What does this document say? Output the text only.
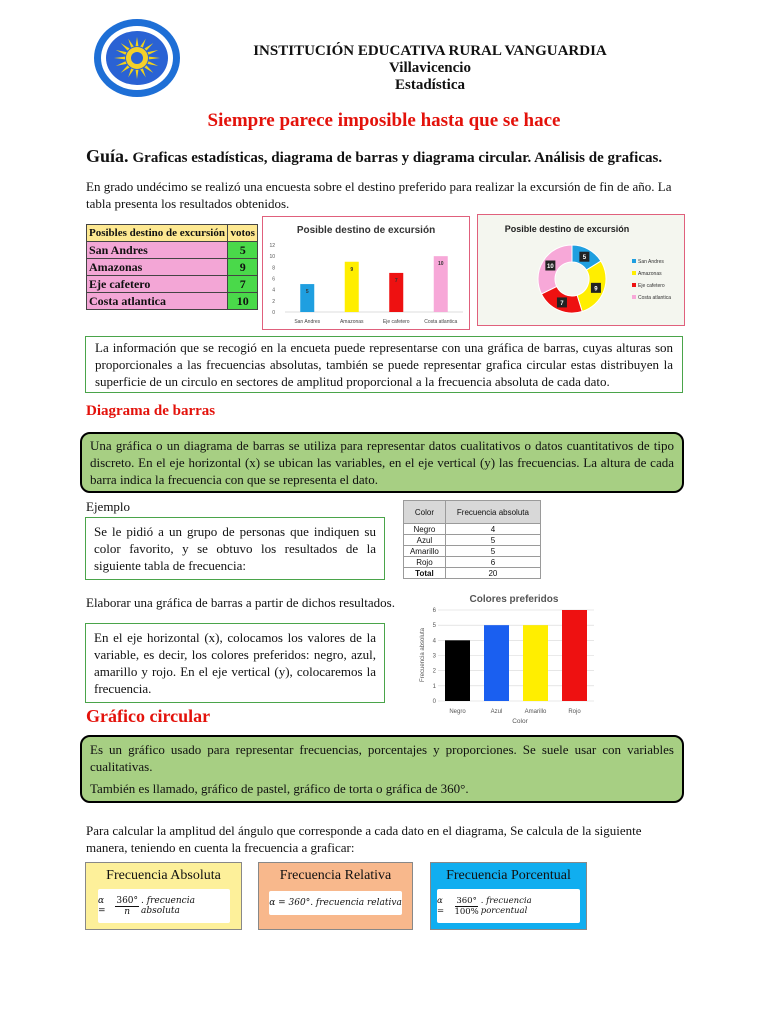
INSTITUCIÓN EDUCATIVA RURAL VANGUARDIA
Villavicencio
Estadística
Siempre parece imposible hasta que se hace
Guía. Graficas estadísticas, diagrama de barras y diagrama circular. Análisis de graficas.
En grado undécimo se realizó una encuesta sobre el destino preferido para realizar la excursión de fin de año. La tabla presenta los resultados obtenidos.
Posibles destino de excursión	votos
San Andres	5
Amazonas	9
Eje cafetero	7
Costa atlantica	10
Posible destino de excursión
0
2
4
6
8
10
12
5
San Andres
9
Amazonas
7
Eje cafetero
10
Costa atlantica
Posible destino de excursión
5
9
7
10
San Andres
Amazonas
Eje cafetero
Costa atlantica
La información que se recogió en la encueta puede representarse con una gráfica de barras, cuyas alturas son proporcionales a las frecuencias absolutas, también se puede representar grafica circular estas distribuyen la superficie de un circulo en sectores de amplitud proporcional a la frecuencia absoluta de cada dato.
Diagrama de barras
Una gráfica o un diagrama de barras se utiliza para representar datos cualitativos o datos cuantitativos de tipo discreto. En el eje horizontal (x) se ubican las variables, en el eje vertical (y) las frecuencias. La altura de cada barra indica la frecuencia con que se representa el dato.
Ejemplo
Se le pidió a un grupo de personas que indiquen su color favorito, y se obtuvo los resultados de la siguiente tabla de frecuencia:
Color	Frecuencia absoluta
Negro	4
Azul	5
Amarillo	5
Rojo	6
Total	20
Elaborar una gráfica de barras a partir de dichos resultados.
En el eje horizontal (x), colocamos los valores de la variable, es decir, los colores preferidos: negro, azul, amarillo y rojo. En el eje vertical (y), colocaremos la frecuencia.
Colores preferidos
0
1
2
3
4
5
6
Frecuencia absoluta
Negro	Azul	Amarillo	Rojo
Color
Gráfico circular
Es un gráfico usado para representar frecuencias, porcentajes y proporciones. Se suele usar con variables cualitativas.
También es llamado, gráfico de pastel, gráfico de torta o gráfica de 360°.
Para calcular la amplitud del ángulo que corresponde a cada dato en el diagrama, Se calcula de la siguiente manera, teniendo en cuenta la frecuencia a graficar:
Frecuencia Absoluta
α =	$\frac{360^\circ}{n}$ . frecuencia absoluta
Frecuencia Relativa
α = 360°. frecuencia relativa
Frecuencia Porcentual
α =	$\frac{360^\circ}{100\%}$ . frecuencia porcentual
